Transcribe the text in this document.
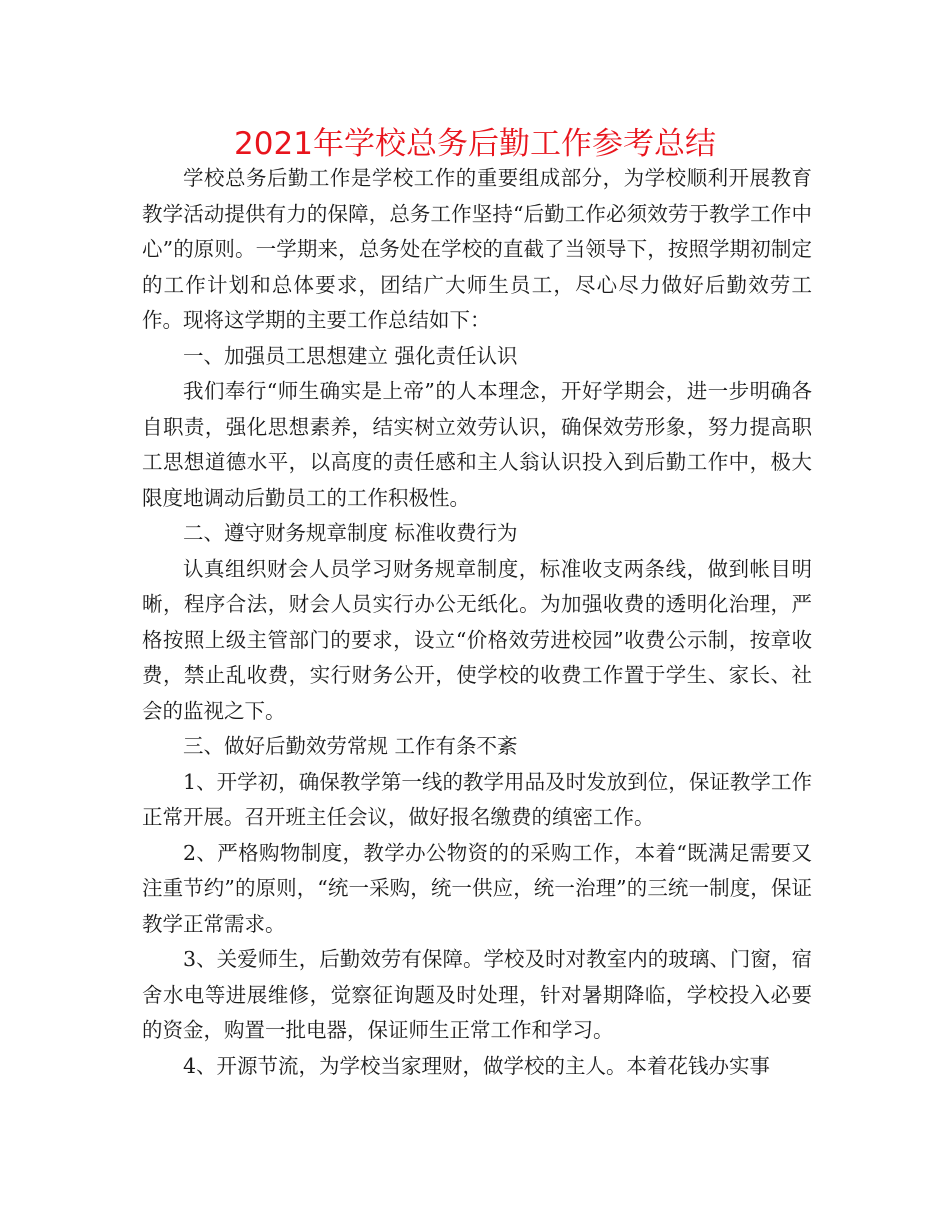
2021年学校总务后勤工作参考总结

学校总务后勤工作是学校工作的重要组成部分，为学校顺利开展教育教学活动提供有力的保障，总务工作坚持“后勤工作必须效劳于教学工作中心”的原则。一学期来，总务处在学校的直截了当领导下，按照学期初制定的工作计划和总体要求，团结广大师生员工，尽心尽力做好后勤效劳工作。现将这学期的主要工作总结如下：

一、加强员工思想建立 强化责任认识

我们奉行“师生确实是上帝”的人本理念，开好学期会，进一步明确各自职责，强化思想素养，结实树立效劳认识，确保效劳形象，努力提高职工思想道德水平，以高度的责任感和主人翁认识投入到后勤工作中，极大限度地调动后勤员工的工作积极性。

二、遵守财务规章制度 标准收费行为

认真组织财会人员学习财务规章制度，标准收支两条线，做到帐目明晰，程序合法，财会人员实行办公无纸化。为加强收费的透明化治理，严格按照上级主管部门的要求，设立“价格效劳进校园”收费公示制，按章收费，禁止乱收费，实行财务公开，使学校的收费工作置于学生、家长、社会的监视之下。

三、做好后勤效劳常规 工作有条不紊

1、开学初，确保教学第一线的教学用品及时发放到位，保证教学工作正常开展。召开班主任会议，做好报名缴费的缜密工作。

2、严格购物制度，教学办公物资的的采购工作，本着“既满足需要又注重节约”的原则，“统一采购，统一供应，统一治理”的三统一制度，保证教学正常需求。

3、关爱师生，后勤效劳有保障。学校及时对教室内的玻璃、门窗，宿舍水电等进展维修，觉察征询题及时处理，针对暑期降临，学校投入必要的资金，购置一批电器，保证师生正常工作和学习。

4、开源节流，为学校当家理财，做学校的主人。本着花钱办实事
